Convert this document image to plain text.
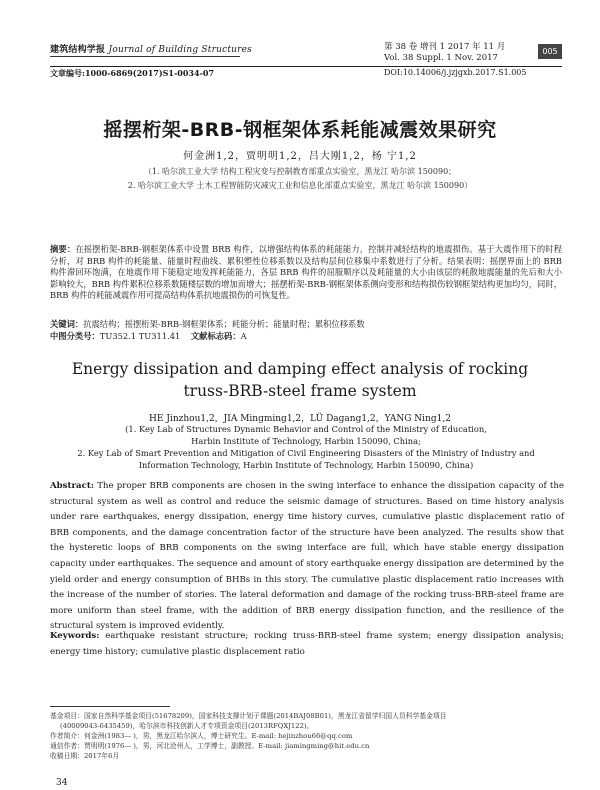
建筑结构学报 Journal of Building Structures	第 38 卷 增刊 1 2017 年 11 月
Vol. 38 Suppl. 1 Nov. 2017
005
文章编号:1000-6869(2017)S1-0034-07	DOI:10.14006/j.jzjgxb.2017.S1.005
摇摆桁架-BRB-钢框架体系耗能减震效果研究
何金洲1,2，贾明明1,2，吕大刚1,2，杨 宁1,2
（1. 哈尔滨工业大学 结构工程灾变与控制教育部重点实验室，黑龙江 哈尔滨 150090；
2. 哈尔滨工业大学 土木工程智能防灾减灾工业和信息化部重点实验室，黑龙江 哈尔滨 150090）
摘要：在摇摆桁架-BRB-钢框架体系中设置 BRB 构件，以增强结构体系的耗能能力，控制并减轻结构的地震损伤。基于大震作用下的时程分析，对 BRB 构件的耗能量、能量时程曲线、累积塑性位移系数以及结构层间位移集中系数进行了分析。结果表明：摇摆界面上的 BRB 构件滞回环饱满，在地震作用下能稳定地发挥耗能能力，各层 BRB 构件的屈服顺序以及耗能量的大小由该层的耗散地震能量的先后和大小影响较大，BRB 构件累积位移系数随楼层数的增加而增大；摇摆桁架-BRB-钢框架体系侧向变形和结构损伤较钢框架结构更加均匀，同时，BRB 构件的耗能减震作用可提高结构体系抗地震损伤的可恢复性。
关键词：抗震结构；摇摆桁架-BRB-钢框架体系；耗能分析；能量时程；累积位移系数
中图分类号：TU352.1 TU311.41 文献标志码：A
Energy dissipation and damping effect analysis of rocking
truss-BRB-steel frame system
HE Jinzhou1,2，JIA Mingming1,2，LÜ Dagang1,2，YANG Ning1,2
(1. Key Lab of Structures Dynamic Behavior and Control of the Ministry of Education,
Harbin Institute of Technology, Harbin 150090, China;
2. Key Lab of Smart Prevention and Mitigation of Civil Engineering Disasters of the Ministry of Industry and
Information Technology, Harbin Institute of Technology, Harbin 150090, China)
Abstract: The proper BRB components are chosen in the swing interface to enhance the dissipation capacity of the structural system as well as control and reduce the seismic damage of structures. Based on time history analysis under rare earthquakes, energy dissipation, energy time history curves, cumulative plastic displacement ratio of BRB components, and the damage concentration factor of the structure have been analyzed. The results show that the hysteretic loops of BRB components on the swing interface are full, which have stable energy dissipation capacity under earthquakes. The sequence and amount of story earthquake energy dissipation are determined by the yield order and energy consumption of BHBs in this story. The cumulative plastic displacement ratio increases with the increase of the number of stories. The lateral deformation and damage of the rocking truss-BRB-steel frame are more uniform than steel frame, with the addition of BRB energy dissipation function, and the resilience of the structural system is improved evidently.
Keywords: earthquake resistant structure; rocking truss-BRB-steel frame system; energy dissipation analysis; energy time history; cumulative plastic displacement ratio
基金项目：国家自然科学基金项目(51678209)，国家科技支撑计划子课题(2014BAJ08B01)，黑龙江省留学归国人员科学基金项目
(40009043-6435459)，哈尔滨市科技创新人才专项资金项目(2013RFQXJ122)。
作者简介：何金洲(1983— )，男，黑龙江哈尔滨人，博士研究生。E-mail: hejinzhou66@qq.com
通信作者：贾明明(1976— )，男，河北沧州人，工学博士，副教授。E-mail: jiamingming@hit.edu.cn
收稿日期：2017年6月
34
